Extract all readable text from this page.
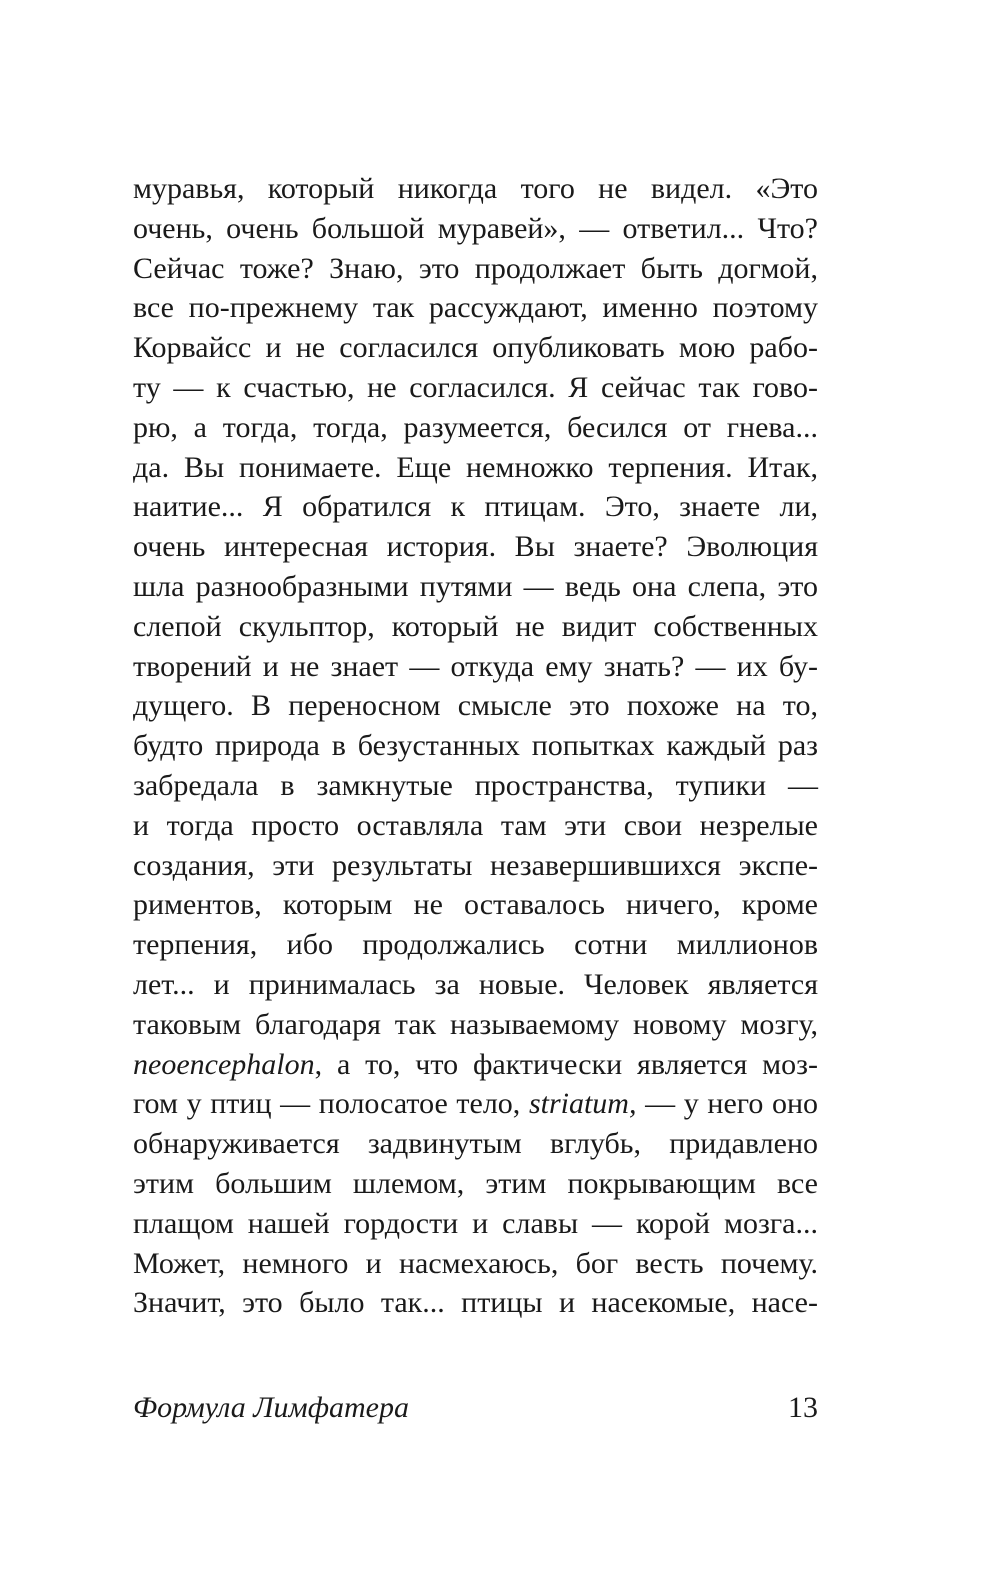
муравья, который никогда того не видел. «Это
очень, очень большой муравей», — ответил... Что?
Сейчас тоже? Знаю, это продолжает быть догмой,
все по-прежнему так рассуждают, именно поэтому
Корвайсс и не согласился опубликовать мою рабо-
ту — к счастью, не согласился. Я сейчас так гово-
рю, а тогда, тогда, разумеется, бесился от гнева...
да. Вы понимаете. Еще немножко терпения. Итак,
наитие... Я обратился к птицам. Это, знаете ли,
очень интересная история. Вы знаете? Эволюция
шла разнообразными путями — ведь она слепа, это
слепой скульптор, который не видит собственных
творений и не знает — откуда ему знать? — их бу-
дущего. В переносном смысле это похоже на то,
будто природа в безустанных попытках каждый раз
забредала в замкнутые пространства, тупики —
и тогда просто оставляла там эти свои незрелые
создания, эти результаты незавершившихся экспе-
риментов, которым не оставалось ничего, кроме
терпения, ибо продолжались сотни миллионов
лет... и принималась за новые. Человек является
таковым благодаря так называемому новому мозгу,
neoencephalon, а то, что фактически является моз-
гом у птиц — полосатое тело, striatum, — у него оно
обнаруживается задвинутым вглубь, придавлено
этим большим шлемом, этим покрывающим все
плащом нашей гордости и славы — корой мозга...
Может, немного и насмехаюсь, бог весть почему.
Значит, это было так... птицы и насекомые, насе-
Формула Лимфатера	13
